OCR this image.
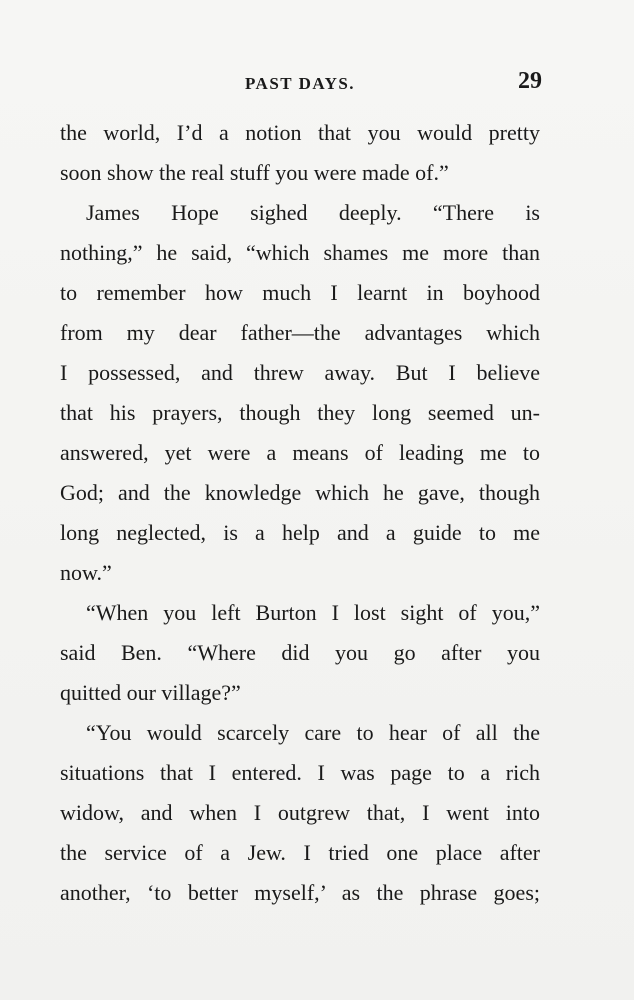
PAST DAYS.	29
the world, I’d a notion that you would pretty
soon show the real stuff you were made of.”
James Hope sighed deeply. “There is
nothing,” he said, “which shames me more than
to remember how much I learnt in boyhood
from my dear father—the advantages which
I possessed, and threw away. But I believe
that his prayers, though they long seemed un-
answered, yet were a means of leading me to
God; and the knowledge which he gave, though
long neglected, is a help and a guide to me
now.”
“When you left Burton I lost sight of you,”
said Ben. “Where did you go after you
quitted our village?”
“You would scarcely care to hear of all the
situations that I entered. I was page to a rich
widow, and when I outgrew that, I went into
the service of a Jew. I tried one place after
another, ‘to better myself,’ as the phrase goes;
